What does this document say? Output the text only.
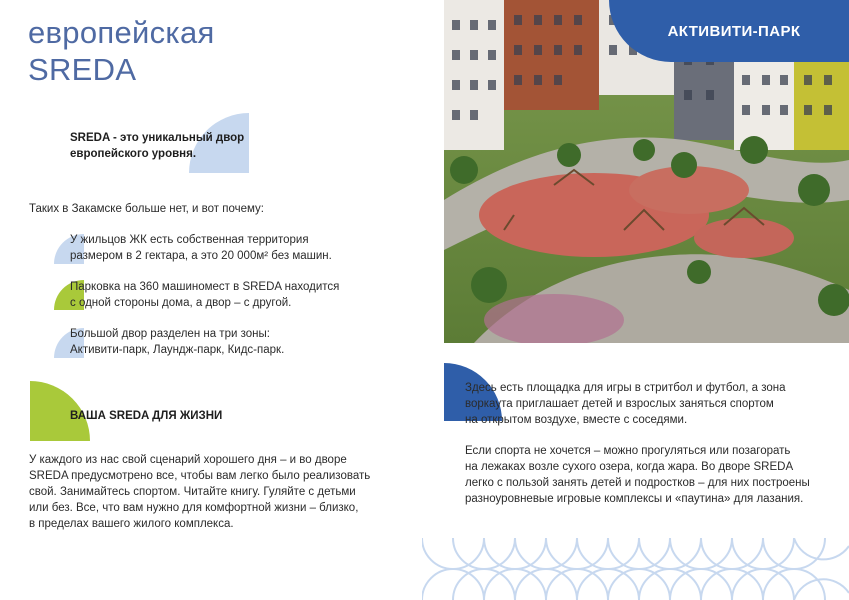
европейская
SREDA
SREDA - это уникальный двор европейского уровня.
Таких в Закамске больше нет, и вот почему:
У жильцов ЖК есть собственная территория
размером в 2 гектара, а это 20 000м² без машин.
Парковка на 360 машиномест в SREDA находится
с одной стороны дома, а двор – с другой.
Большой двор разделен на три зоны:
Активити-парк, Лаундж-парк, Кидс-парк.
ВАША SREDA ДЛЯ ЖИЗНИ
У каждого из нас свой сценарий хорошего дня – и во дворе
SREDA предусмотрено все, чтобы вам легко было реализовать
свой. Занимайтесь спортом. Читайте книгу. Гуляйте с детьми
или без. Все, что вам нужно для комфортной жизни – близко,
в пределах вашего жилого комплекса.
АКТИВИТИ-ПАРК
Здесь есть площадка для игры в стритбол и футбол, а зона
воркаута приглашает детей и взрослых заняться спортом
на открытом воздухе, вместе с соседями.
Если спорта не хочется – можно прогуляться или позагорать
на лежаках возле сухого озера, когда жара. Во дворе SREDA
легко с пользой занять детей и подростков – для них построены
разноуровневые игровые комплексы и «паутина» для лазания.
